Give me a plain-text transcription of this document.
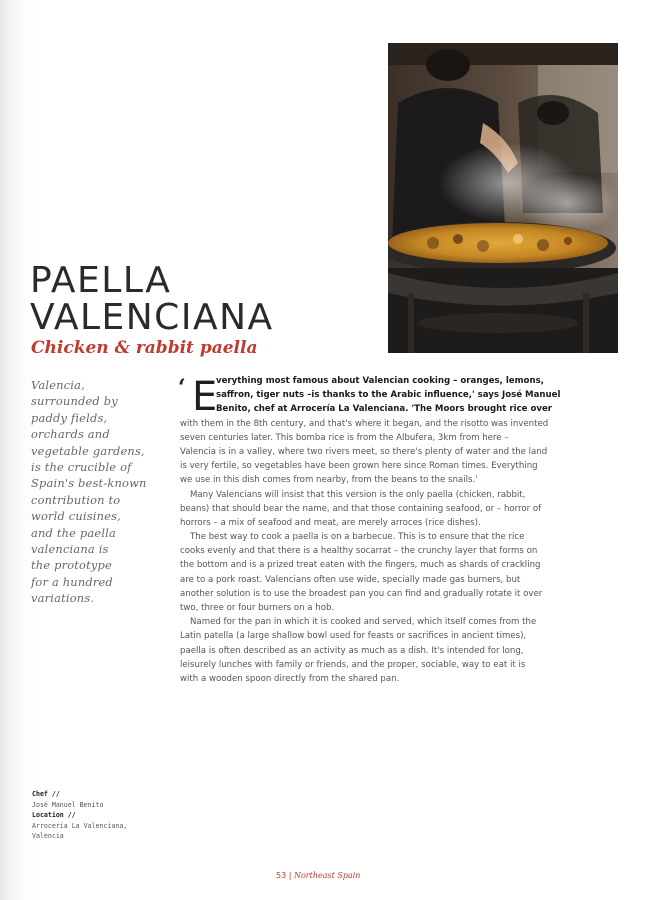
PAELLA
VALENCIANA
Chicken & rabbit paella
Valencia,
surrounded by
paddy fields,
orchards and
vegetable gardens,
is the crucible of
Spain's best-known
contribution to
world cuisines,
and the paella
valenciana is
the prototype
for a hundred
variations.
‘ E
verything most famous about Valencian cooking – oranges, lemons,
saffron, tiger nuts –is thanks to the Arabic influence,' says José Manuel
Benito, chef at Arrocería La Valenciana. 'The Moors brought rice over
with them in the 8th century, and that's where it began, and the risotto was invented
seven centuries later. This bomba rice is from the Albufera, 3km from here –
Valencia is in a valley, where two rivers meet, so there's plenty of water and the land
is very fertile, so vegetables have been grown here since Roman times. Everything
we use in this dish comes from nearby, from the beans to the snails.'
Many Valencians will insist that this version is the only paella (chicken, rabbit,
beans) that should bear the name, and that those containing seafood, or – horror of
horrors – a mix of seafood and meat, are merely arroces (rice dishes).
The best way to cook a paella is on a barbecue. This is to ensure that the rice
cooks evenly and that there is a healthy socarrat – the crunchy layer that forms on
the bottom and is a prized treat eaten with the fingers, much as shards of crackling
are to a pork roast. Valencians often use wide, specially made gas burners, but
another solution is to use the broadest pan you can find and gradually rotate it over
two, three or four burners on a hob.
Named for the pan in which it is cooked and served, which itself comes from the
Latin patella (a large shallow bowl used for feasts or sacrifices in ancient times),
paella is often described as an activity as much as a dish. It's intended for long,
leisurely lunches with family or friends, and the proper, sociable, way to eat it is
with a wooden spoon directly from the shared pan.
Chef //
José Manuel Benito
Location //
Arrocería La Valenciana,
Valencia
53 | Northeast Spain
